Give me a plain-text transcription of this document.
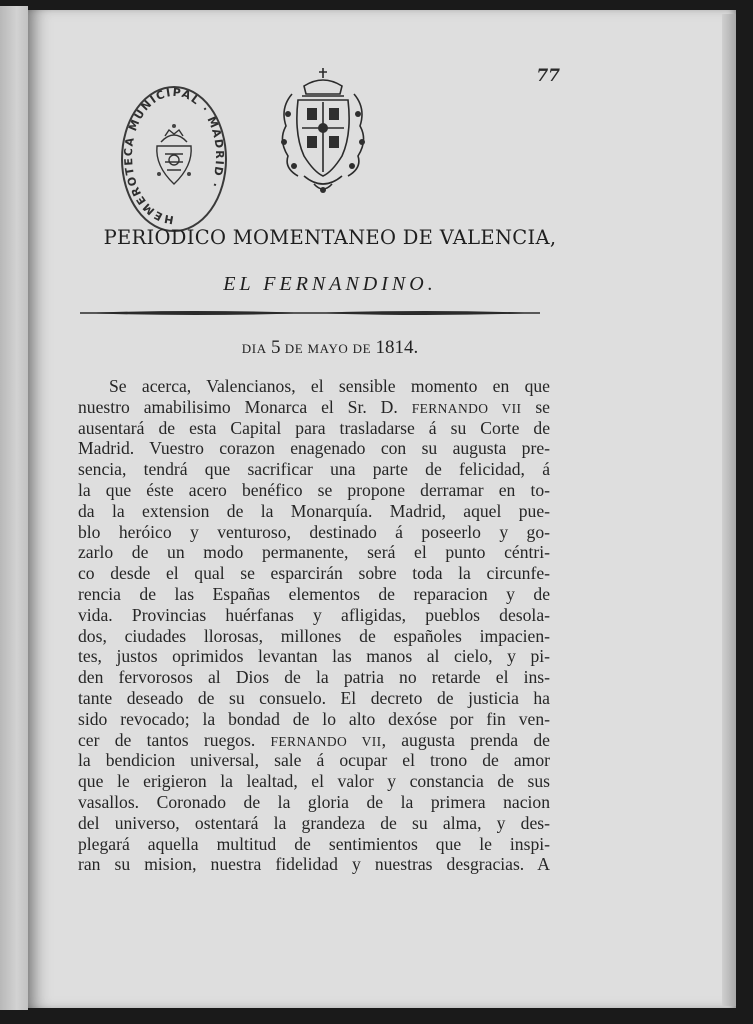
77
HEMEROTECA MUNICIPAL · MADRID ·
PERIODICO MOMENTANEO DE VALENCIA,
EL FERNANDINO.
DIA 5 DE MAYO DE 1814.
Se acerca, Valencianos, el sensible momento en que
nuestro amabilisimo Monarca el Sr. D. FERNANDO VII se
ausentará de esta Capital para trasladarse á su Corte de
Madrid. Vuestro corazon enagenado con su augusta pre-
sencia, tendrá que sacrificar una parte de felicidad, á
la que éste acero benéfico se propone derramar en to-
da la extension de la Monarquía. Madrid, aquel pue-
blo heróico y venturoso, destinado á poseerlo y go-
zarlo de un modo permanente, será el punto céntri-
co desde el qual se esparcirán sobre toda la circunfe-
rencia de las Españas elementos de reparacion y de
vida. Provincias huérfanas y afligidas, pueblos desola-
dos, ciudades llorosas, millones de españoles impacien-
tes, justos oprimidos levantan las manos al cielo, y pi-
den fervorosos al Dios de la patria no retarde el ins-
tante deseado de su consuelo. El decreto de justicia ha
sido revocado; la bondad de lo alto dexóse por fin ven-
cer de tantos ruegos. FERNANDO VII, augusta prenda de
la bendicion universal, sale á ocupar el trono de amor
que le erigieron la lealtad, el valor y constancia de sus
vasallos. Coronado de la gloria de la primera nacion
del universo, ostentará la grandeza de su alma, y des-
plegará aquella multitud de sentimientos que le inspi-
ran su mision, nuestra fidelidad y nuestras desgracias. A
